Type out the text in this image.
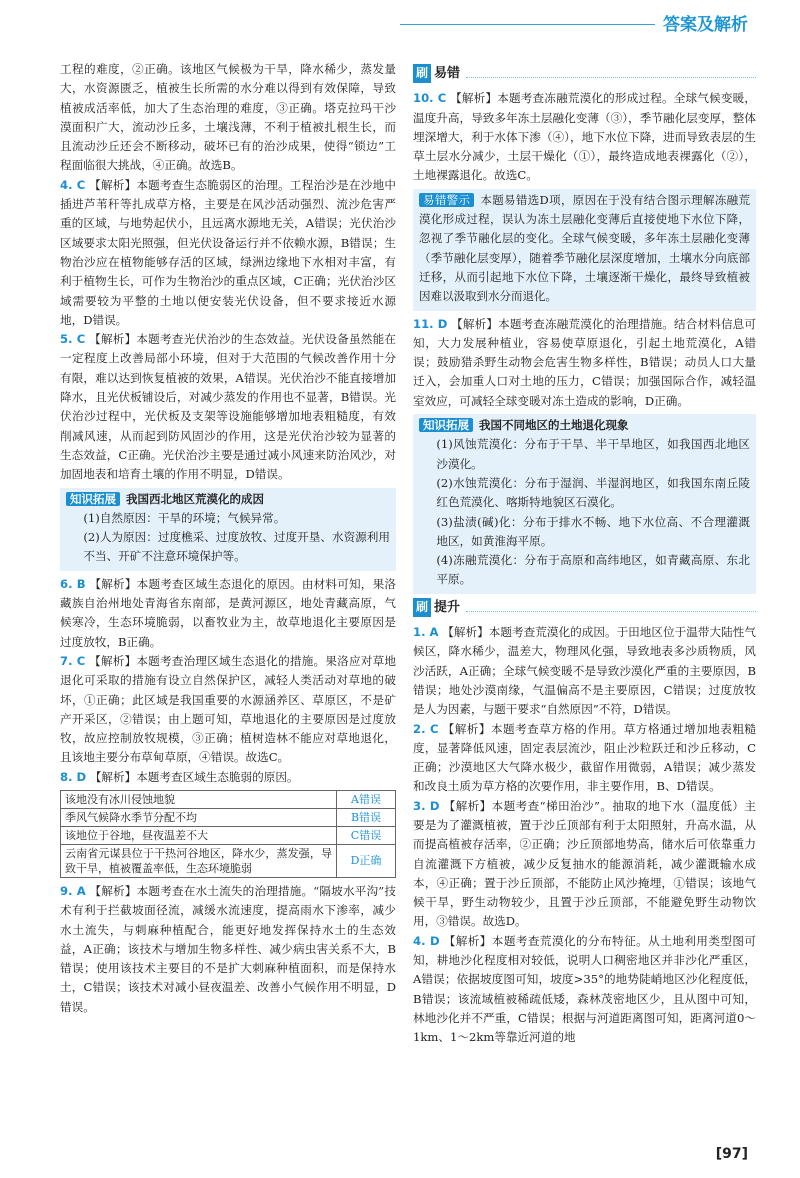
答案及解析

工程的难度，②正确。该地区气候极为干旱，降水稀少，蒸发量大，水资源匮乏，植被生长所需的水分难以得到有效保障，导致植被成活率低，加大了生态治理的难度，③正确。塔克拉玛干沙漠面积广大，流动沙丘多，土壤浅薄，不利于植被扎根生长，而且流动沙丘还会不断移动，破坏已有的治沙成果，使得“锁边”工程面临很大挑战，④正确。故选B。

4. C 【解析】本题考查生态脆弱区的治理。工程治沙是在沙地中插进芦苇秆等扎成草方格，主要是在风沙活动强烈、流沙危害严重的区域，与地势起伏小，且远离水源地无关，A错误；光伏治沙区域要求太阳光照强，但光伏设备运行并不依赖水源，B错误；生物治沙应在植物能够存活的区域，绿洲边缘地下水相对丰富，有利于植物生长，可作为生物治沙的重点区域，C正确；光伏治沙区域需要较为平整的土地以便安装光伏设备，但不要求接近水源地，D错误。

5. C 【解析】本题考查光伏治沙的生态效益。光伏设备虽然能在一定程度上改善局部小环境，但对于大范围的气候改善作用十分有限，难以达到恢复植被的效果，A错误。光伏治沙不能直接增加降水，且光伏板铺设后，对减少蒸发的作用也不显著，B错误。光伏治沙过程中，光伏板及支架等设施能够增加地表粗糙度，有效削减风速，从而起到防风固沙的作用，这是光伏治沙较为显著的生态效益，C正确。光伏治沙主要是通过减小风速来防治风沙，对加固地表和培育土壤的作用不明显，D错误。

知识拓展 我国西北地区荒漠化的成因
(1)自然原因：干旱的环境；气候异常。
(2)人为原因：过度樵采、过度放牧、过度开垦、水资源利用不当、开矿不注意环境保护等。

6. B 【解析】本题考查区域生态退化的原因。由材料可知，果洛藏族自治州地处青海省东南部，是黄河源区，地处青藏高原，气候寒冷，生态环境脆弱，以畜牧业为主，故草地退化主要原因是过度放牧，B正确。

7. C 【解析】本题考查治理区域生态退化的措施。果洛应对草地退化可采取的措施有设立自然保护区，减轻人类活动对草地的破坏，①正确；此区域是我国重要的水源涵养区、草原区，不是矿产开采区，②错误；由上题可知，草地退化的主要原因是过度放牧，故应控制放牧规模，③正确；植树造林不能应对草地退化，且该地主要分布草甸草原，④错误。故选C。

8. D 【解析】本题考查区域生态脆弱的原因。

该地没有冰川侵蚀地貌	A错误
季风气候降水季节分配不均	B错误
该地位于谷地，昼夜温差不大	C错误
云南省元谋县位于干热河谷地区，降水少，蒸发强，导致干旱，植被覆盖率低，生态环境脆弱	D正确

9. A 【解析】本题考查在水土流失的治理措施。“隔坡水平沟”技术有利于拦截坡面径流，减缓水流速度，提高雨水下渗率，减少水土流失，与刺麻种植配合，能更好地发挥保持水土的生态效益，A正确；该技术与增加生物多样性、减少病虫害关系不大，B错误；使用该技术主要目的不是扩大刺麻种植面积，而是保持水土，C错误；该技术对减小昼夜温差、改善小气候作用不明显，D错误。

刷 易错

10. C 【解析】本题考查冻融荒漠化的形成过程。全球气候变暖，温度升高，导致多年冻土层融化变薄（③），季节融化层变厚，整体埋深增大，利于水体下渗（④），地下水位下降，进而导致表层的生草土层水分减少，土层干燥化（①），最终造成地表裸露化（②），土地裸露退化。故选C。

易错警示 本题易错选D项，原因在于没有结合图示理解冻融荒漠化形成过程，误认为冻土层融化变薄后直接使地下水位下降，忽视了季节融化层的变化。全球气候变暖，多年冻土层融化变薄（季节融化层变厚），随着季节融化层深度增加，土壤水分向底部迁移，从而引起地下水位下降，土壤逐渐干燥化，最终导致植被因难以汲取到水分而退化。

11. D 【解析】本题考查冻融荒漠化的治理措施。结合材料信息可知，大力发展种植业，容易使草原退化，引起土地荒漠化，A错误；鼓励猎杀野生动物会危害生物多样性，B错误；动员人口大量迁入，会加重人口对土地的压力，C错误；加强国际合作，减轻温室效应，可减轻全球变暖对冻土造成的影响，D正确。

知识拓展 我国不同地区的土地退化现象
(1)风蚀荒漠化：分布于干旱、半干旱地区，如我国西北地区沙漠化。
(2)水蚀荒漠化：分布于湿润、半湿润地区，如我国东南丘陵红色荒漠化、喀斯特地貌区石漠化。
(3)盐渍(碱)化：分布于排水不畅、地下水位高、不合理灌溉地区，如黄淮海平原。
(4)冻融荒漠化：分布于高原和高纬地区，如青藏高原、东北平原。
刷 提升

1. A 【解析】本题考查荒漠化的成因。于田地区位于温带大陆性气候区，降水稀少，温差大，物理风化强，导致地表多沙质物质，风沙活跃，A正确；全球气候变暖不是导致沙漠化严重的主要原因，B错误；地处沙漠南缘，气温偏高不是主要原因，C错误；过度放牧是人为因素，与题干要求“自然原因”不符，D错误。

2. C 【解析】本题考查草方格的作用。草方格通过增加地表粗糙度，显著降低风速，固定表层流沙，阻止沙粒跃迁和沙丘移动，C正确；沙漠地区大气降水极少，截留作用微弱，A错误；减少蒸发和改良土质为草方格的次要作用，非主要作用，B、D错误。

3. D 【解析】本题考查“梯田治沙”。抽取的地下水（温度低）主要是为了灌溉植被，置于沙丘顶部有利于太阳照射，升高水温，从而提高植被存活率，②正确；沙丘顶部地势高，储水后可依靠重力自流灌溉下方植被，减少反复抽水的能源消耗，减少灌溉输水成本，④正确；置于沙丘顶部，不能防止风沙掩埋，①错误；该地气候干旱，野生动物较少，且置于沙丘顶部，不能避免野生动物饮用，③错误。故选D。

4. D 【解析】本题考查荒漠化的分布特征。从土地利用类型图可知，耕地沙化程度相对较低，说明人口稠密地区并非沙化严重区，A错误；依据坡度图可知，坡度>35°的地势陡峭地区沙化程度低，B错误；该流域植被稀疏低矮，森林茂密地区少，且从图中可知，林地沙化并不严重，C错误；根据与河道距离图可知，距离河道0～1km、1～2km等靠近河道的地

[97]
